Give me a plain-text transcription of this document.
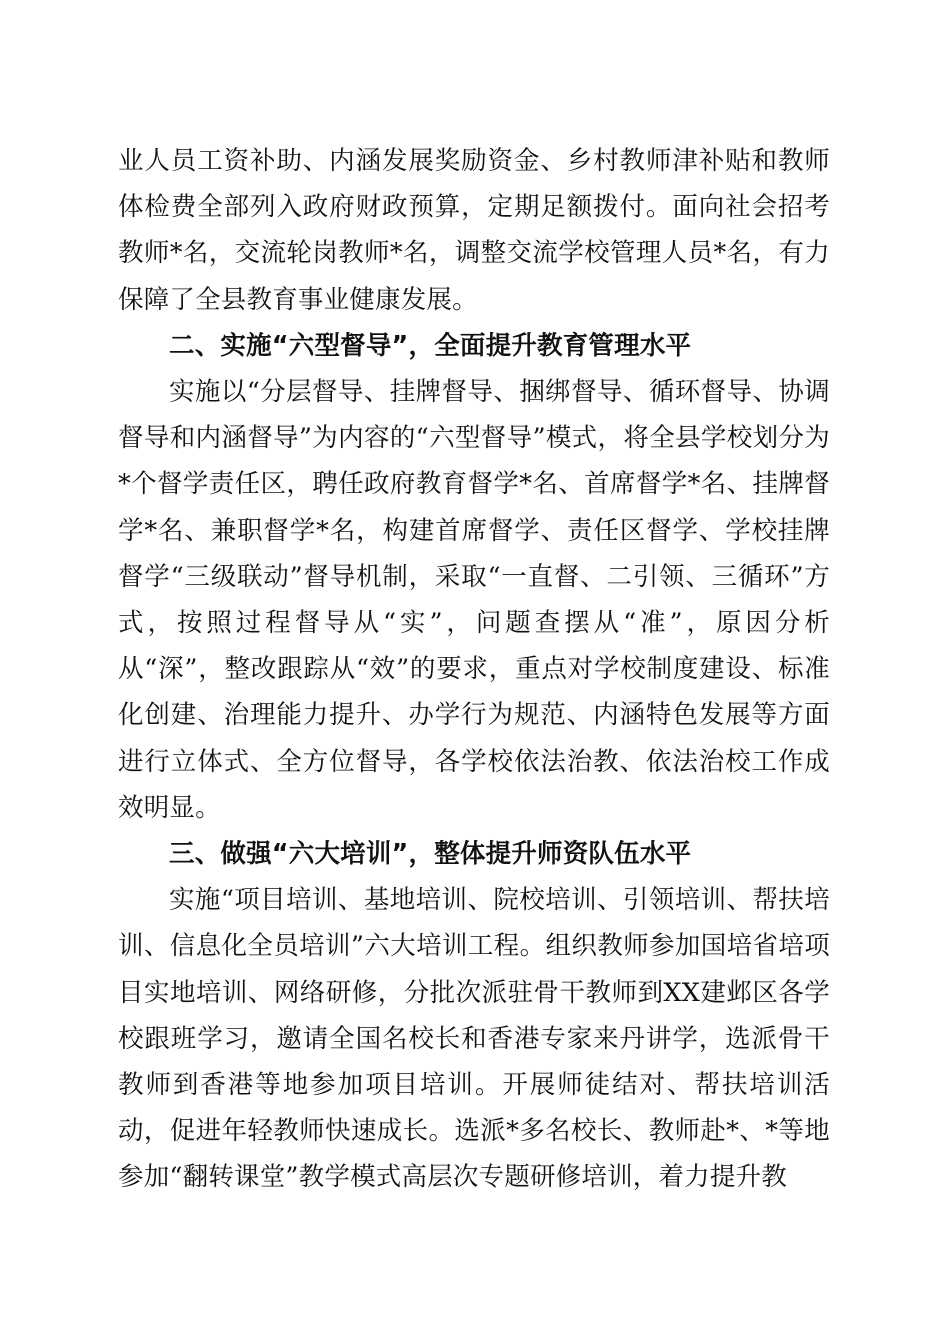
业人员工资补助、内涵发展奖励资金、乡村教师津补贴和教师体检费全部列入政府财政预算，定期足额拨付。面向社会招考教师*名，交流轮岗教师*名，调整交流学校管理人员*名，有力保障了全县教育事业健康发展。

二、实施“六型督导”，全面提升教育管理水平

实施以“分层督导、挂牌督导、捆绑督导、循环督导、协调督导和内涵督导”为内容的“六型督导”模式，将全县学校划分为*个督学责任区，聘任政府教育督学*名、首席督学*名、挂牌督学*名、兼职督学*名，构建首席督学、责任区督学、学校挂牌督学“三级联动”督导机制，采取“一直督、二引领、三循环”方式，按照过程督导从“实”，问题查摆从“准”，原因分析从“深”，整改跟踪从“效”的要求，重点对学校制度建设、标准化创建、治理能力提升、办学行为规范、内涵特色发展等方面进行立体式、全方位督导，各学校依法治教、依法治校工作成效明显。

三、做强“六大培训”，整体提升师资队伍水平

实施“项目培训、基地培训、院校培训、引领培训、帮扶培训、信息化全员培训”六大培训工程。组织教师参加国培省培项目实地培训、网络研修，分批次派驻骨干教师到XX建邺区各学校跟班学习，邀请全国名校长和香港专家来丹讲学，选派骨干教师到香港等地参加项目培训。开展师徒结对、帮扶培训活动，促进年轻教师快速成长。选派*多名校长、教师赴*、*等地参加“翻转课堂”教学模式高层次专题研修培训，着力提升教
